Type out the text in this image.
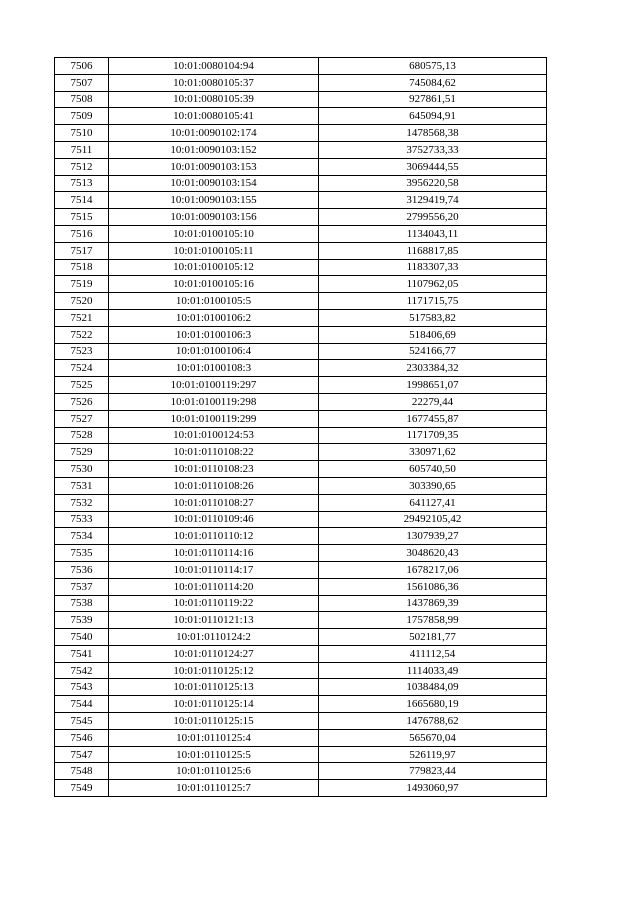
7506	10:01:0080104:94	680575,13
7507	10:01:0080105:37	745084,62
7508	10:01:0080105:39	927861,51
7509	10:01:0080105:41	645094,91
7510	10:01:0090102:174	1478568,38
7511	10:01:0090103:152	3752733,33
7512	10:01:0090103:153	3069444,55
7513	10:01:0090103:154	3956220,58
7514	10:01:0090103:155	3129419,74
7515	10:01:0090103:156	2799556,20
7516	10:01:0100105:10	1134043,11
7517	10:01:0100105:11	1168817,85
7518	10:01:0100105:12	1183307,33
7519	10:01:0100105:16	1107962,05
7520	10:01:0100105:5	1171715,75
7521	10:01:0100106:2	517583,82
7522	10:01:0100106:3	518406,69
7523	10:01:0100106:4	524166,77
7524	10:01:0100108:3	2303384,32
7525	10:01:0100119:297	1998651,07
7526	10:01:0100119:298	22279,44
7527	10:01:0100119:299	1677455,87
7528	10:01:0100124:53	1171709,35
7529	10:01:0110108:22	330971,62
7530	10:01:0110108:23	605740,50
7531	10:01:0110108:26	303390,65
7532	10:01:0110108:27	641127,41
7533	10:01:0110109:46	29492105,42
7534	10:01:0110110:12	1307939,27
7535	10:01:0110114:16	3048620,43
7536	10:01:0110114:17	1678217,06
7537	10:01:0110114:20	1561086,36
7538	10:01:0110119:22	1437869,39
7539	10:01:0110121:13	1757858,99
7540	10:01:0110124:2	502181,77
7541	10:01:0110124:27	411112,54
7542	10:01:0110125:12	1114033,49
7543	10:01:0110125:13	1038484,09
7544	10:01:0110125:14	1665680,19
7545	10:01:0110125:15	1476788,62
7546	10:01:0110125:4	565670,04
7547	10:01:0110125:5	526119,97
7548	10:01:0110125:6	779823,44
7549	10:01:0110125:7	1493060,97
